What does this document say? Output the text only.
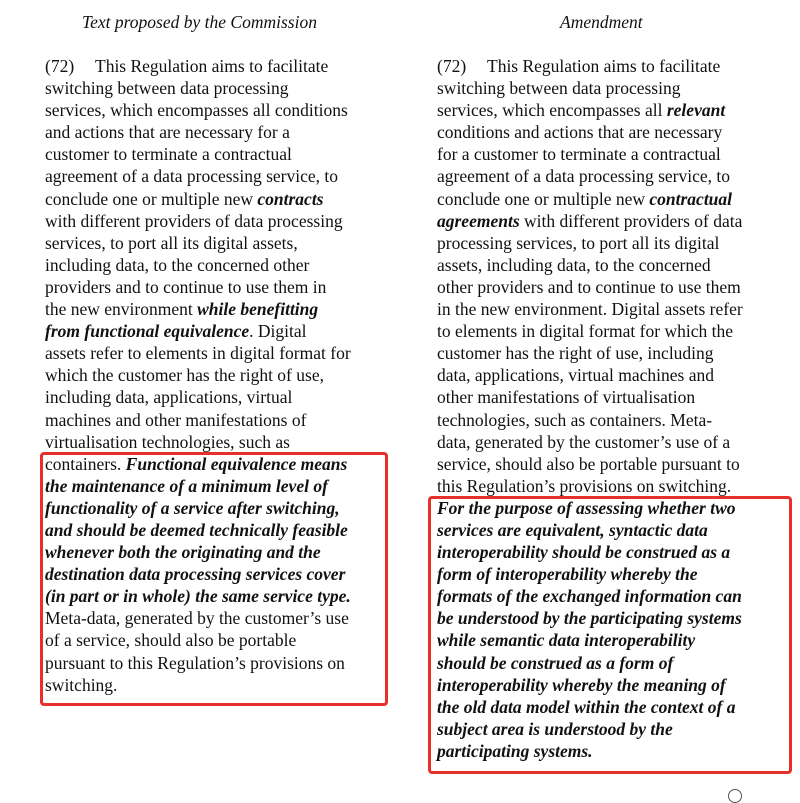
Text proposed by the Commission	Amendment
(72) This Regulation aims to facilitate
switching between data processing
services, which encompasses all conditions
and actions that are necessary for a
customer to terminate a contractual
agreement of a data processing service, to
conclude one or multiple new contracts
with different providers of data processing
services, to port all its digital assets,
including data, to the concerned other
providers and to continue to use them in
the new environment while benefitting
from functional equivalence. Digital
assets refer to elements in digital format for
which the customer has the right of use,
including data, applications, virtual
machines and other manifestations of
virtualisation technologies, such as
containers. Functional equivalence means
the maintenance of a minimum level of
functionality of a service after switching,
and should be deemed technically feasible
whenever both the originating and the
destination data processing services cover
(in part or in whole) the same service type.
Meta-data, generated by the customer’s use
of a service, should also be portable
pursuant to this Regulation’s provisions on
switching.
(72) This Regulation aims to facilitate
switching between data processing
services, which encompasses all relevant
conditions and actions that are necessary
for a customer to terminate a contractual
agreement of a data processing service, to
conclude one or multiple new contractual
agreements with different providers of data
processing services, to port all its digital
assets, including data, to the concerned
other providers and to continue to use them
in the new environment. Digital assets refer
to elements in digital format for which the
customer has the right of use, including
data, applications, virtual machines and
other manifestations of virtualisation
technologies, such as containers. Meta-
data, generated by the customer’s use of a
service, should also be portable pursuant to
this Regulation’s provisions on switching.
For the purpose of assessing whether two
services are equivalent, syntactic data
interoperability should be construed as a
form of interoperability whereby the
formats of the exchanged information can
be understood by the participating systems
while semantic data interoperability
should be construed as a form of
interoperability whereby the meaning of
the old data model within the context of a
subject area is understood by the
participating systems.
